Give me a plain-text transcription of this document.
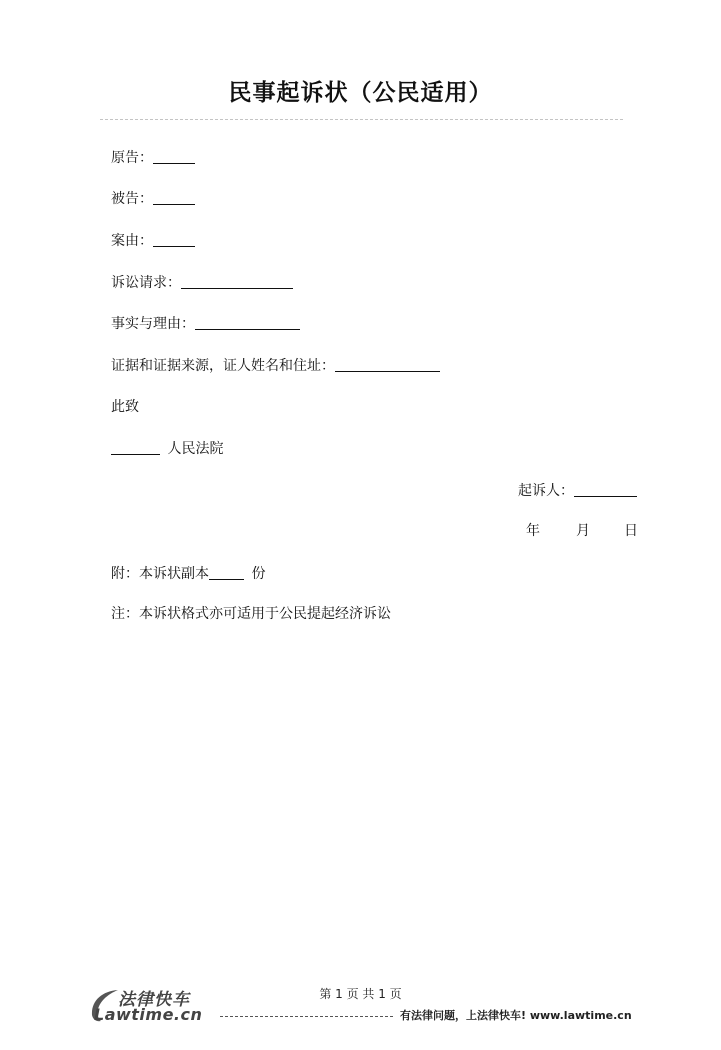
民事起诉状（公民适用）
原告：
被告：
案由：
诉讼请求：
事实与理由：
证据和证据来源，证人姓名和住址：
此致
人民法院
起诉人：
年	月 日
附：本诉状副本	份
注：本诉状格式亦可适用于公民提起经济诉讼
第 1 页 共 1 页
法律快车
Lawtime.cn	有法律问题，上法律快车! www.lawtime.cn
